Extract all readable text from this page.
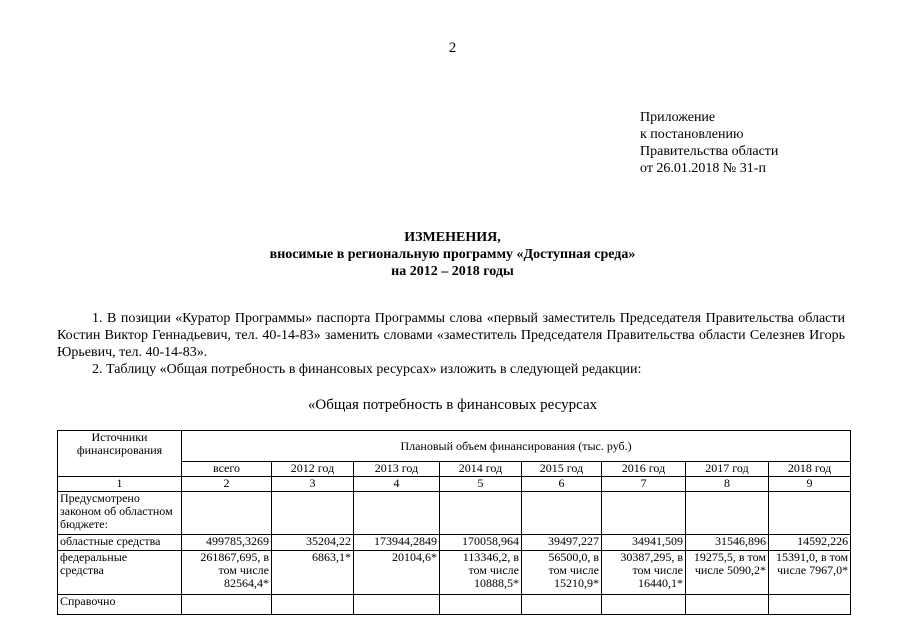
2
Приложение
к постановлению
Правительства области
от 26.01.2018 № 31-п
ИЗМЕНЕНИЯ,
вносимые в региональную программу «Доступная среда»
на 2012 – 2018 годы
1. В позиции «Куратор Программы» паспорта Программы слова «первый заместитель Председателя Правительства области Костин Виктор Геннадьевич, тел. 40-14-83» заменить словами «заместитель Председателя Правительства области Селезнев Игорь Юрьевич, тел. 40-14-83».
2. Таблицу «Общая потребность в финансовых ресурсах» изложить в следующей редакции:
«Общая потребность в финансовых ресурсах
Источники финансирования	Плановый объем финансирования (тыс. руб.)							
	всего	2012 год	2013 год	2014 год	2015 год	2016 год	2017 год	2018 год
1	2	3	4	5	6	7	8	9
Предусмотрено законом об областном бюджете:								
областные средства	499785,3269	35204,22	173944,2849	170058,964	39497,227	34941,509	31546,896	14592,226
федеральные средства	261867,695, в том числе 82564,4*	6863,1*	20104,6*	113346,2, в том числе 10888,5*	56500,0, в том числе 15210,9*	30387,295, в том числе 16440,1*	19275,5, в том числе 5090,2*	15391,0, в том числе 7967,0*
Справочно								
